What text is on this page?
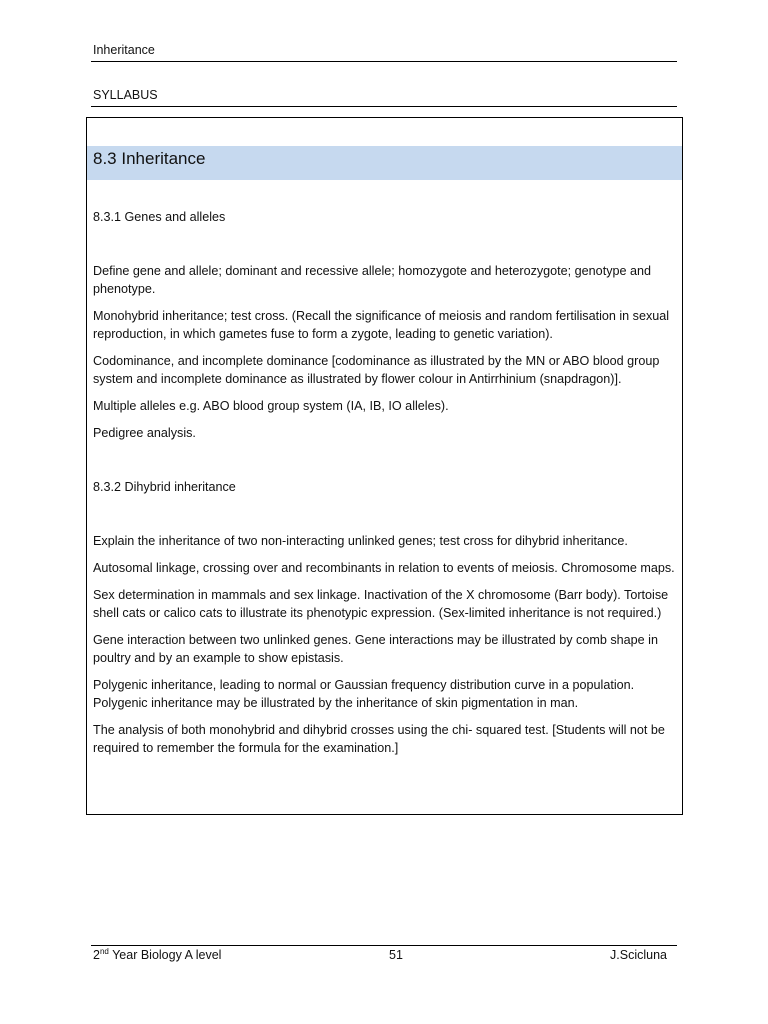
Inheritance
SYLLABUS
8.3 Inheritance

8.3.1 Genes and alleles

Define gene and allele; dominant and recessive allele; homozygote and heterozygote; genotype and phenotype.

Monohybrid inheritance; test cross. (Recall the significance of meiosis and random fertilisation in sexual reproduction, in which gametes fuse to form a zygote, leading to genetic variation).

Codominance, and incomplete dominance [codominance as illustrated by the MN or ABO blood group system and incomplete dominance as illustrated by flower colour in Antirrhinium (snapdragon)].

Multiple alleles e.g. ABO blood group system (IA, IB, IO alleles).

Pedigree analysis.

8.3.2 Dihybrid inheritance

Explain the inheritance of two non-interacting unlinked genes; test cross for dihybrid inheritance.

Autosomal linkage, crossing over and recombinants in relation to events of meiosis. Chromosome maps.

Sex determination in mammals and sex linkage. Inactivation of the X chromosome (Barr body). Tortoise shell cats or calico cats to illustrate its phenotypic expression. (Sex-limited inheritance is not required.)

Gene interaction between two unlinked genes. Gene interactions may be illustrated by comb shape in poultry and by an example to show epistasis.

Polygenic inheritance, leading to normal or Gaussian frequency distribution curve in a population. Polygenic inheritance may be illustrated by the inheritance of skin pigmentation in man.

The analysis of both monohybrid and dihybrid crosses using the chi- squared test. [Students will not be required to remember the formula for the examination.]

2nd Year Biology A level	51	J.Scicluna
